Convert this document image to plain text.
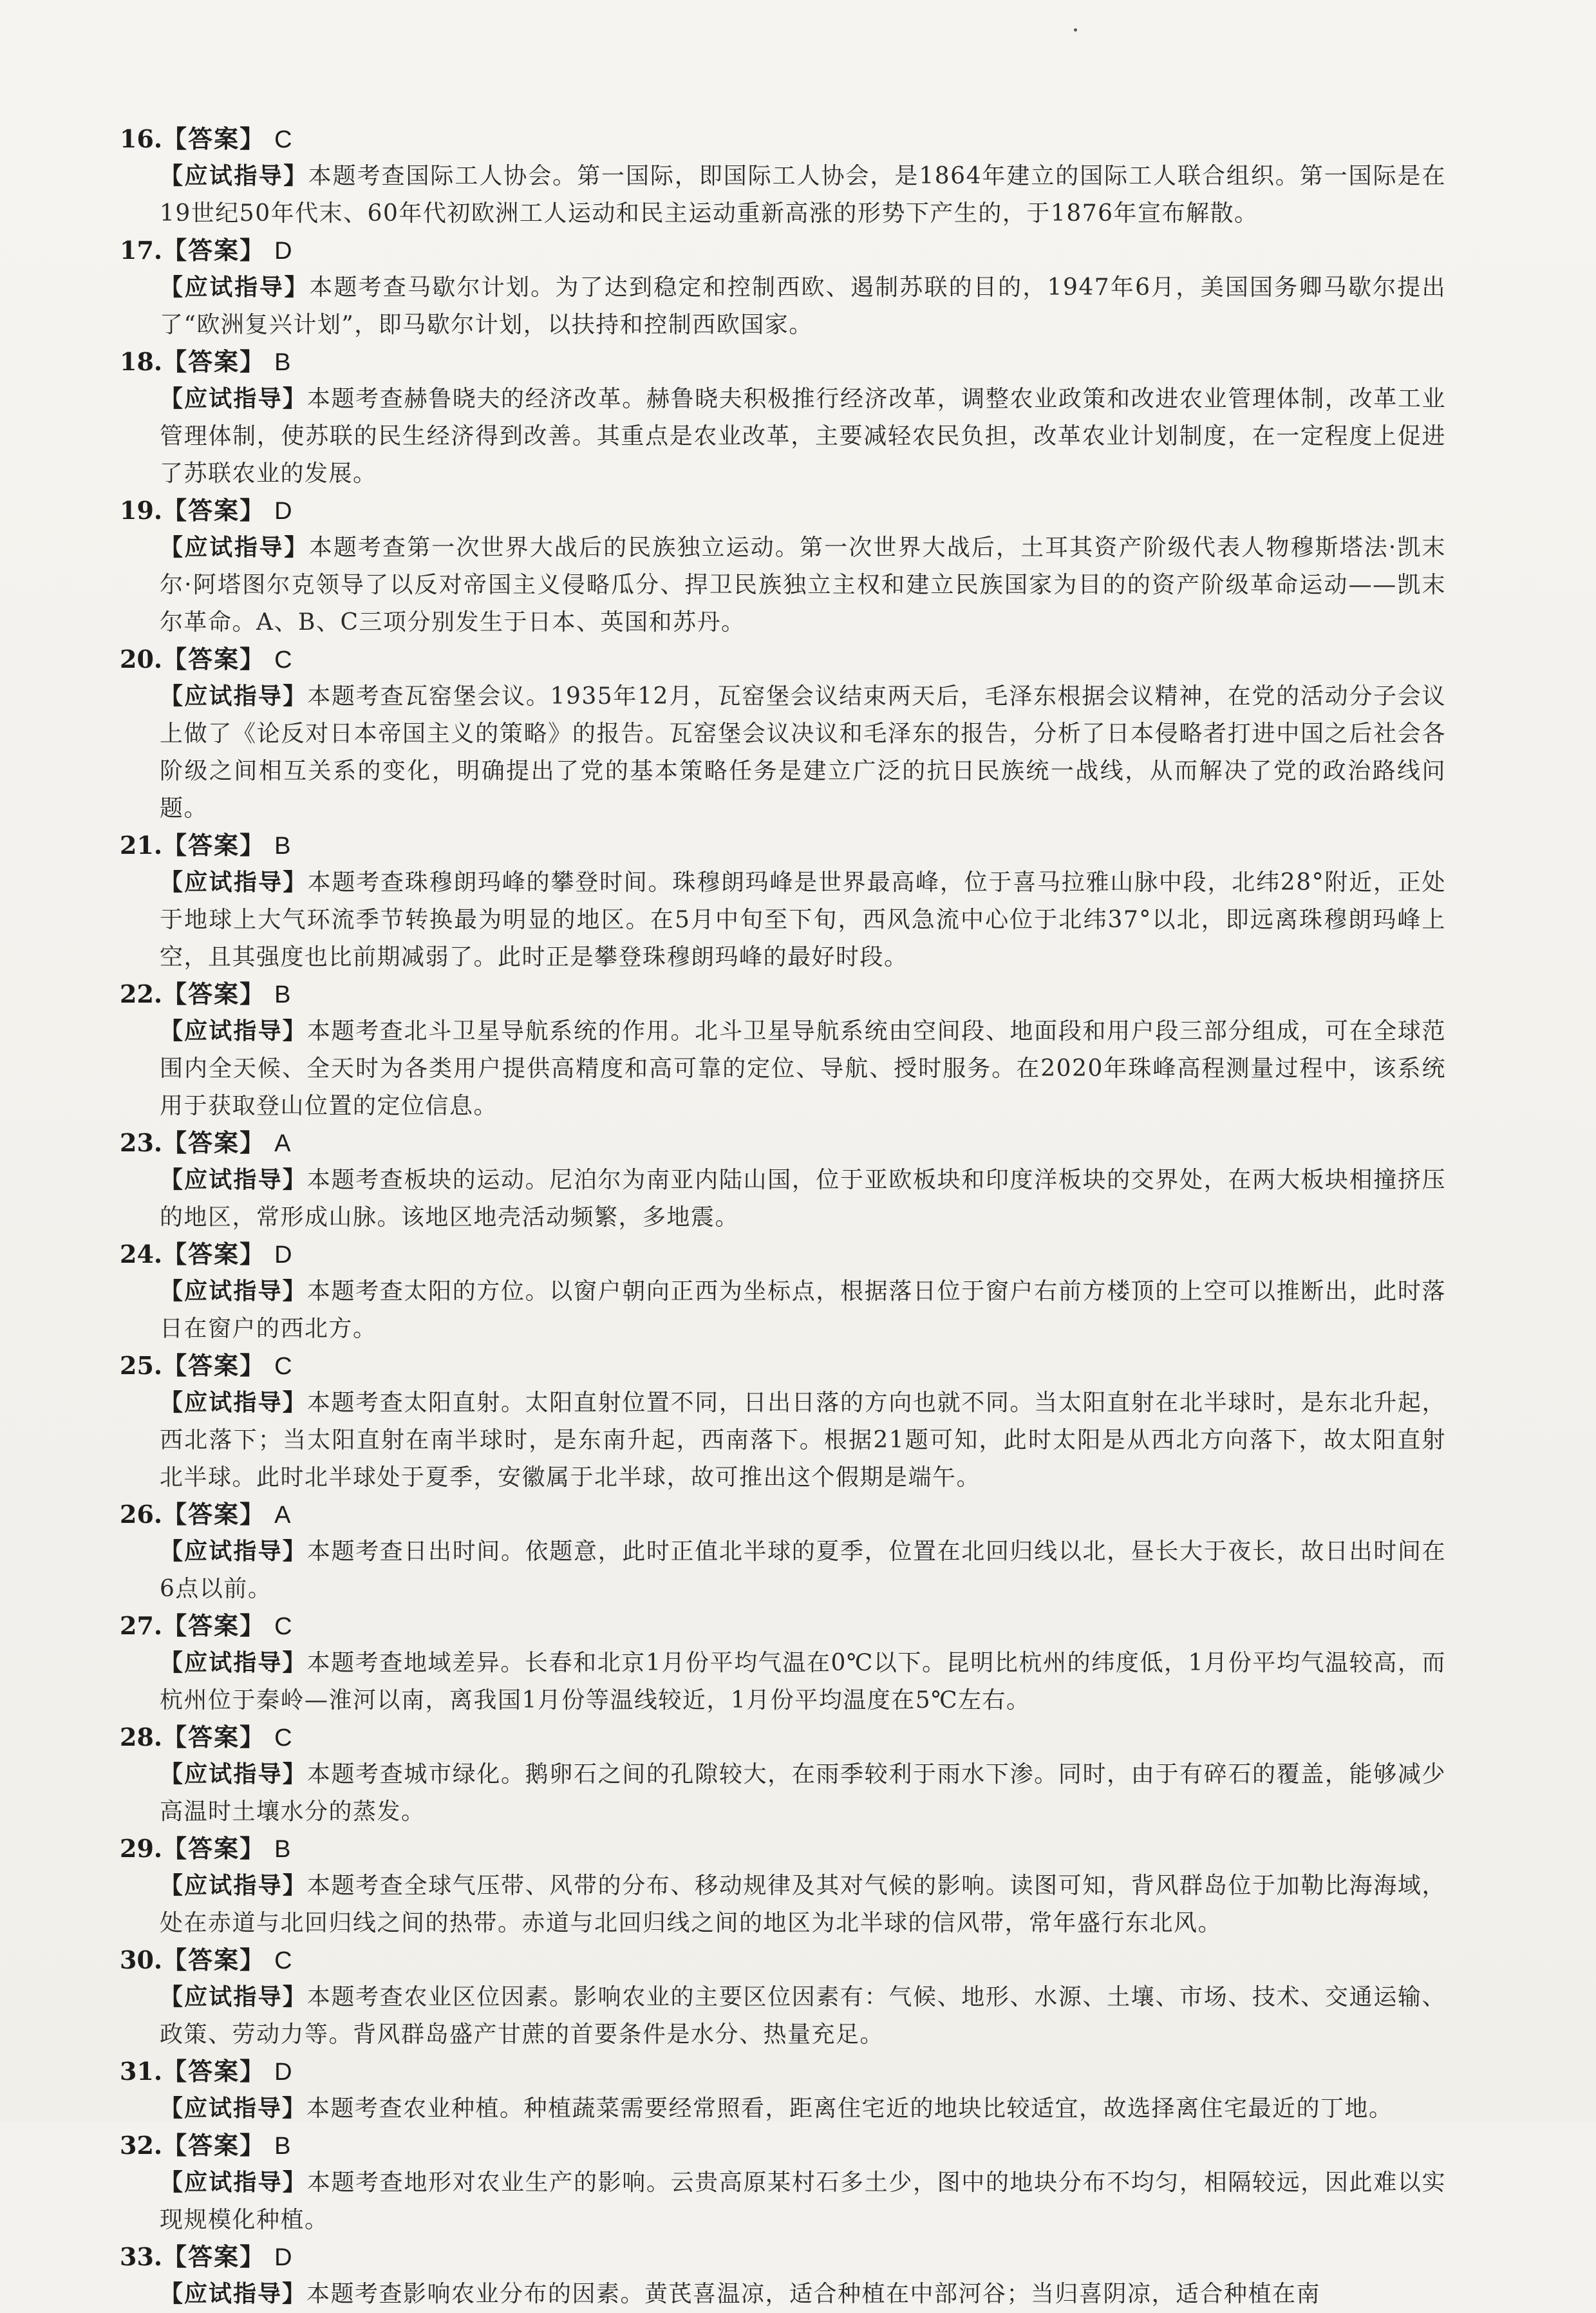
16.【答案】 C
【应试指导】本题考查国际工人协会。第一国际，即国际工人协会，是1864年建立的国际工人联合组织。第一国际是在19世纪50年代末、60年代初欧洲工人运动和民主运动重新高涨的形势下产生的，于1876年宣布解散。
17.【答案】 D
【应试指导】本题考查马歇尔计划。为了达到稳定和控制西欧、遏制苏联的目的，1947年6月，美国国务卿马歇尔提出了“欧洲复兴计划”，即马歇尔计划，以扶持和控制西欧国家。
18.【答案】 B
【应试指导】本题考查赫鲁晓夫的经济改革。赫鲁晓夫积极推行经济改革，调整农业政策和改进农业管理体制，改革工业管理体制，使苏联的民生经济得到改善。其重点是农业改革，主要减轻农民负担，改革农业计划制度，在一定程度上促进了苏联农业的发展。
19.【答案】 D
【应试指导】本题考查第一次世界大战后的民族独立运动。第一次世界大战后，土耳其资产阶级代表人物穆斯塔法·凯末尔·阿塔图尔克领导了以反对帝国主义侵略瓜分、捍卫民族独立主权和建立民族国家为目的的资产阶级革命运动——凯末尔革命。A、B、C三项分别发生于日本、英国和苏丹。
20.【答案】 C
【应试指导】本题考查瓦窑堡会议。1935年12月，瓦窑堡会议结束两天后，毛泽东根据会议精神，在党的活动分子会议上做了《论反对日本帝国主义的策略》的报告。瓦窑堡会议决议和毛泽东的报告，分析了日本侵略者打进中国之后社会各阶级之间相互关系的变化，明确提出了党的基本策略任务是建立广泛的抗日民族统一战线，从而解决了党的政治路线问题。
21.【答案】 B
【应试指导】本题考查珠穆朗玛峰的攀登时间。珠穆朗玛峰是世界最高峰，位于喜马拉雅山脉中段，北纬28°附近，正处于地球上大气环流季节转换最为明显的地区。在5月中旬至下旬，西风急流中心位于北纬37°以北，即远离珠穆朗玛峰上空，且其强度也比前期减弱了。此时正是攀登珠穆朗玛峰的最好时段。
22.【答案】 B
【应试指导】本题考查北斗卫星导航系统的作用。北斗卫星导航系统由空间段、地面段和用户段三部分组成，可在全球范围内全天候、全天时为各类用户提供高精度和高可靠的定位、导航、授时服务。在2020年珠峰高程测量过程中，该系统用于获取登山位置的定位信息。
23.【答案】 A
【应试指导】本题考查板块的运动。尼泊尔为南亚内陆山国，位于亚欧板块和印度洋板块的交界处，在两大板块相撞挤压的地区，常形成山脉。该地区地壳活动频繁，多地震。
24.【答案】 D
【应试指导】本题考查太阳的方位。以窗户朝向正西为坐标点，根据落日位于窗户右前方楼顶的上空可以推断出，此时落日在窗户的西北方。
25.【答案】 C
【应试指导】本题考查太阳直射。太阳直射位置不同，日出日落的方向也就不同。当太阳直射在北半球时，是东北升起，西北落下；当太阳直射在南半球时，是东南升起，西南落下。根据21题可知，此时太阳是从西北方向落下，故太阳直射北半球。此时北半球处于夏季，安徽属于北半球，故可推出这个假期是端午。
26.【答案】 A
【应试指导】本题考查日出时间。依题意，此时正值北半球的夏季，位置在北回归线以北，昼长大于夜长，故日出时间在6点以前。
27.【答案】 C
【应试指导】本题考查地域差异。长春和北京1月份平均气温在0℃以下。昆明比杭州的纬度低，1月份平均气温较高，而杭州位于秦岭—淮河以南，离我国1月份等温线较近，1月份平均温度在5℃左右。
28.【答案】 C
【应试指导】本题考查城市绿化。鹅卵石之间的孔隙较大，在雨季较利于雨水下渗。同时，由于有碎石的覆盖，能够减少高温时土壤水分的蒸发。
29.【答案】 B
【应试指导】本题考查全球气压带、风带的分布、移动规律及其对气候的影响。读图可知，背风群岛位于加勒比海海域，处在赤道与北回归线之间的热带。赤道与北回归线之间的地区为北半球的信风带，常年盛行东北风。
30.【答案】 C
【应试指导】本题考查农业区位因素。影响农业的主要区位因素有：气候、地形、水源、土壤、市场、技术、交通运输、政策、劳动力等。背风群岛盛产甘蔗的首要条件是水分、热量充足。
31.【答案】 D
【应试指导】本题考查农业种植。种植蔬菜需要经常照看，距离住宅近的地块比较适宜，故选择离住宅最近的丁地。
32.【答案】 B
【应试指导】本题考查地形对农业生产的影响。云贵高原某村石多土少，图中的地块分布不均匀，相隔较远，因此难以实现规模化种植。
33.【答案】 D
【应试指导】本题考查影响农业分布的因素。黄芪喜温凉，适合种植在中部河谷；当归喜阴凉，适合种植在南
